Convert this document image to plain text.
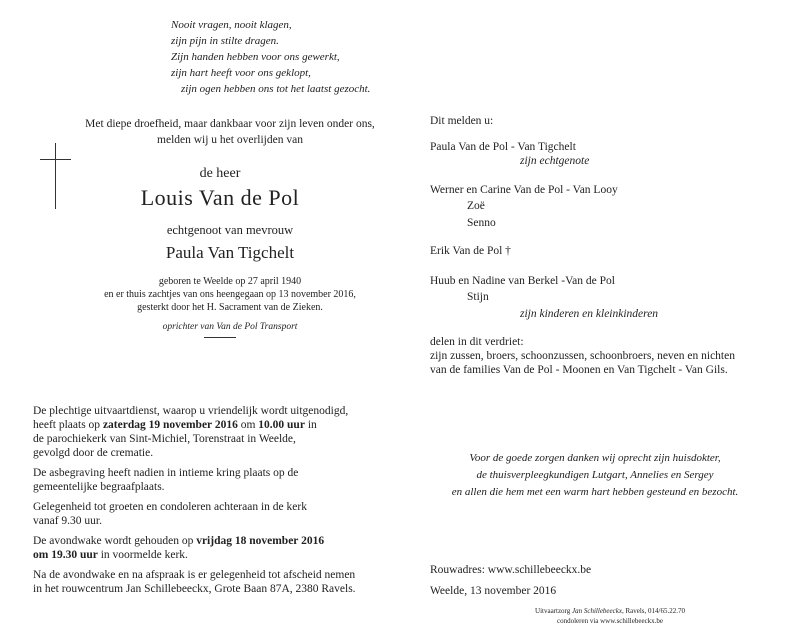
Nooit vragen, nooit klagen,
zijn pijn in stilte dragen.
Zijn handen hebben voor ons gewerkt,
zijn hart heeft voor ons geklopt,
zijn ogen hebben ons tot het laatst gezocht.
Met diepe droefheid, maar dankbaar voor zijn leven onder ons,
melden wij u het overlijden van
de heer
Louis Van de Pol
echtgenoot van mevrouw
Paula Van Tigchelt
geboren te Weelde op 27 april 1940
en er thuis zachtjes van ons heengegaan op 13 november 2016,
gesterkt door het H. Sacrament van de Zieken.
oprichter van Van de Pol Transport
De plechtige uitvaartdienst, waarop u vriendelijk wordt uitgenodigd,
heeft plaats op zaterdag 19 november 2016 om 10.00 uur in
de parochiekerk van Sint-Michiel, Torenstraat in Weelde,
gevolgd door de crematie.
De asbegraving heeft nadien in intieme kring plaats op de
gemeentelijke begraafplaats.
Gelegenheid tot groeten en condoleren achteraan in de kerk
vanaf 9.30 uur.
De avondwake wordt gehouden op vrijdag 18 november 2016
om 19.30 uur in voormelde kerk.
Na de avondwake en na afspraak is er gelegenheid tot afscheid nemen
in het rouwcentrum Jan Schillebeeckx, Grote Baan 87A, 2380 Ravels.
Dit melden u:
Paula Van de Pol - Van Tigchelt
zijn echtgenote
Werner en Carine Van de Pol - Van Looy
Zoë
Senno
Erik Van de Pol †
Huub en Nadine van Berkel -Van de Pol
Stijn
zijn kinderen en kleinkinderen
delen in dit verdriet:
zijn zussen, broers, schoonzussen, schoonbroers, neven en nichten
van de families Van de Pol - Moonen en Van Tigchelt - Van Gils.
Voor de goede zorgen danken wij oprecht zijn huisdokter,
de thuisverpleegkundigen Lutgart, Annelies en Sergey
en allen die hem met een warm hart hebben gesteund en bezocht.
Rouwadres: www.schillebeeckx.be
Weelde, 13 november 2016
Uitvaartzorg Jan Schillebeeckx, Ravels, 014/65.22.70
condoleren via www.schillebeeckx.be
